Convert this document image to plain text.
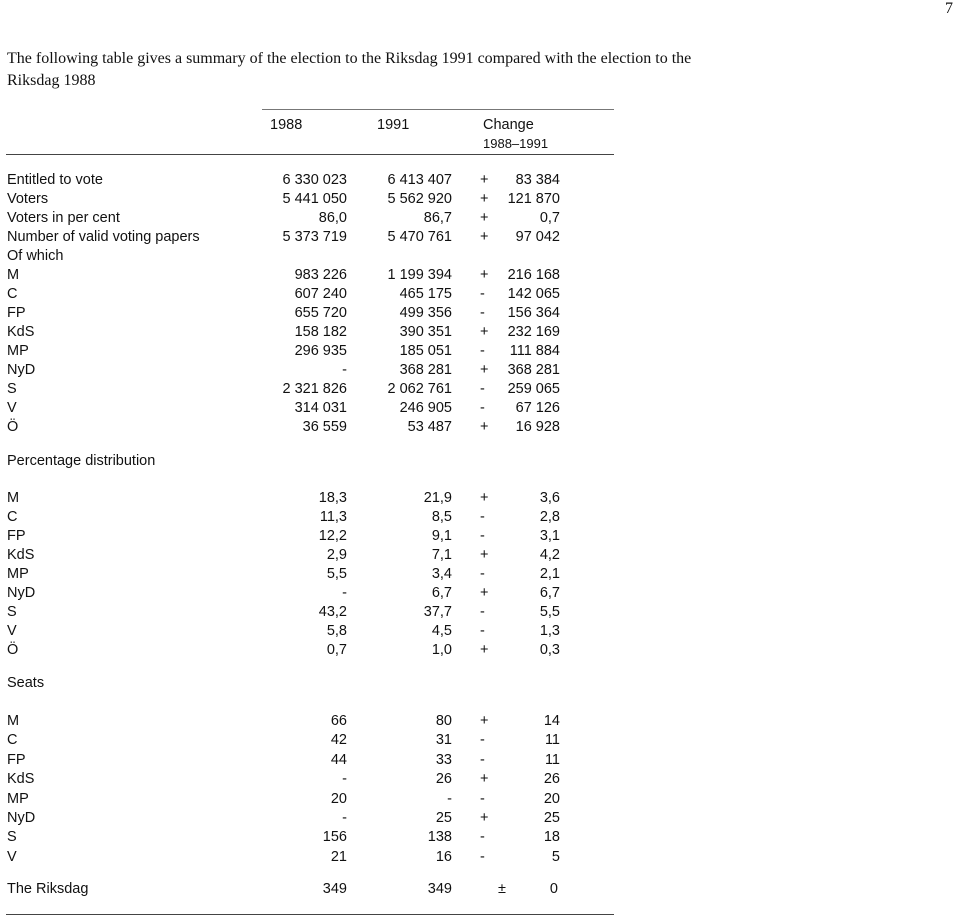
7
The following table gives a summary of the election to the Riksdag 1991 compared with the election to the Riksdag 1988
1988	1991	Change
1988–1991
Entitled to vote	6 330 023	6 413 407 + 83 384
Voters	5 441 050	5 562 920 + 121 870
Voters in per cent	86,0	86,7 +	0,7
Number of valid voting papers	5 373 719	5 470 761 + 97 042
Of which
M	983 226	1 199 394 + 216 168
C	607 240	465 175 - 142 065
FP	655 720	499 356 - 156 364
KdS	158 182	390 351 + 232 169
MP	296 935	185 051 - 111 884
NyD	-	368 281 + 368 281
S	2 321 826	2 062 761 - 259 065
V	314 031	246 905 - 67 126
Ö	36 559	53 487 + 16 928
Percentage distribution
M	18,3	21,9 +	3,6
C	11,3	8,5 -	2,8
FP	12,2	9,1 -	3,1
KdS	2,9	7,1 +	4,2
MP	5,5	3,4 -	2,1
NyD	-	6,7 +	6,7
S	43,2	37,7 -	5,5
V	5,8	4,5 -	1,3
Ö	0,7	1,0 +	0,3
Seats
M	66	80 +	14
C	42	31 -	11
FP	44	33 -	11
KdS	-	26 +	26
MP	20	- -	20
NyD	-	25 +	25
S	156	138 -	18
V	21	16 -	5
The Riksdag	349	349	±	0
